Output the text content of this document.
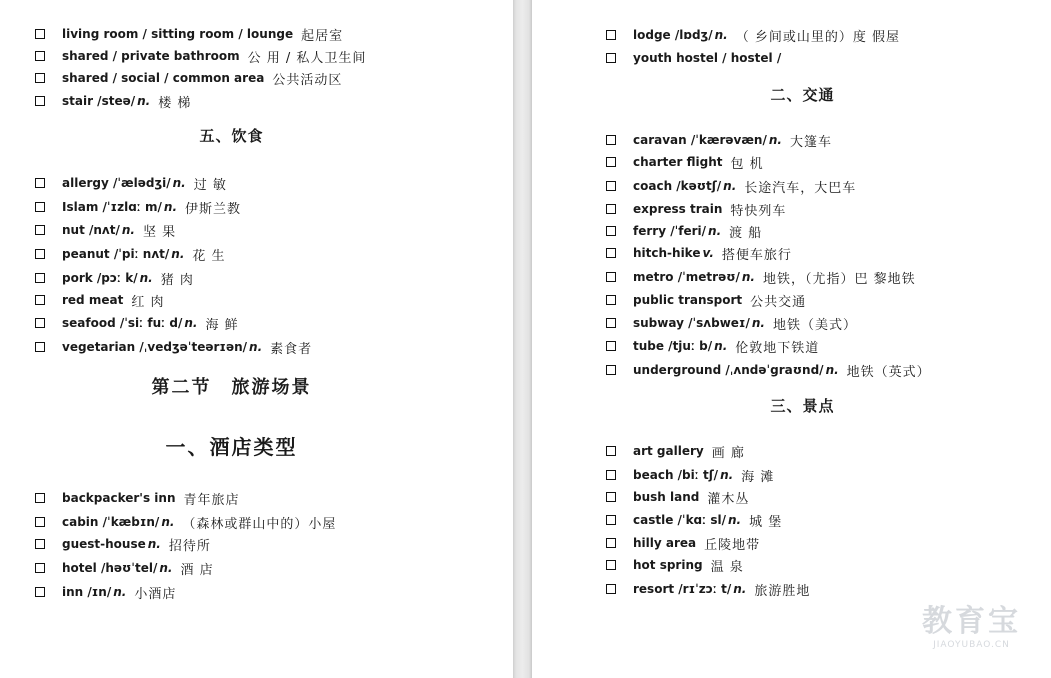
living room / sitting room / lounge 起居室
shared / private bathroom 公 用 / 私人卫生间
shared / social / common area 公共活动区
stair /steə/ n. 楼 梯
五、饮食
allergy /ˈælədʒi/ n. 过 敏
Islam /ˈɪzlɑː m/ n. 伊斯兰教
nut /nʌt/ n. 坚 果
peanut /ˈpiː nʌt/ n. 花 生
pork /pɔː k/ n. 猪 肉
red meat 红 肉
seafood /ˈsiː fuː d/ n. 海 鲜
vegetarian /ˌvedʒəˈteərɪən/ n. 素食者
第二节　旅游场景
一、酒店类型
backpacker's inn 青年旅店
cabin /ˈkæbɪn/ n. （森林或群山中的）小屋
guest-house n. 招待所
hotel /həʊˈtel/ n. 酒 店
inn /ɪn/ n. 小酒店
lodge /lɒdʒ/ n. （ 乡间或山里的）度 假屋
youth hostel / hostel /
二、交通
caravan /ˈkærəvæn/ n. 大篷车
charter flight 包 机
coach /kəʊtʃ/ n. 长途汽车，大巴车
express train 特快列车
ferry /ˈferi/ n. 渡 船
hitch-hike v. 搭便车旅行
metro /ˈmetrəʊ/ n. 地铁，（尤指）巴 黎地铁
public transport 公共交通
subway /ˈsʌbweɪ/ n. 地铁（美式）
tube /tjuː b/ n. 伦敦地下铁道
underground /ˌʌndəˈgraʊnd/ n. 地铁（英式）
三、景点
art gallery 画 廊
beach /biː tʃ/ n. 海 滩
bush land 灌木丛
castle /ˈkɑː sl/ n. 城 堡
hilly area 丘陵地带
hot spring 温 泉
resort /rɪˈzɔː t/ n. 旅游胜地
教育宝
JIAOYUBAO.CN
